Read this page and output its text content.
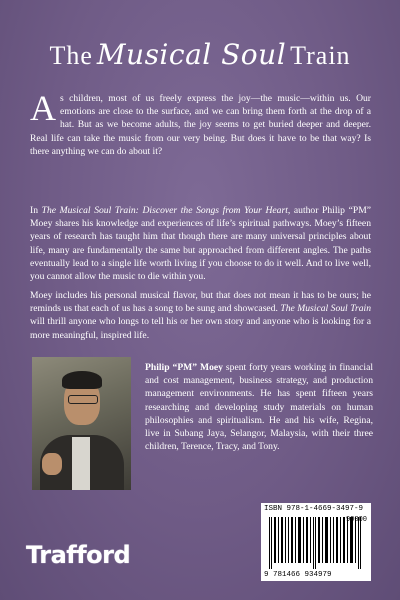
The Musical Soul Train
As children, most of us freely express the joy—the music—within us. Our emotions are close to the surface, and we can bring them forth at the drop of a hat. But as we become adults, the joy seems to get buried deeper and deeper. Real life can take the music from our very being. But does it have to be that way? Is there anything we can do about it?
In The Musical Soul Train: Discover the Songs from Your Heart, author Philip “PM” Moey shares his knowledge and experiences of life’s spiritual pathways. Moey’s fifteen years of research has taught him that though there are many universal principles about life, many are fundamentally the same but approached from different angles. The paths eventually lead to a single life worth living if you choose to do it well. And to live well, you cannot allow the music to die within you.
Moey includes his personal musical flavor, but that does not mean it has to be ours; he reminds us that each of us has a song to be sung and showcased. The Musical Soul Train will thrill anyone who longs to tell his or her own story and anyone who is looking for a more meaningful, inspired life.
Philip “PM” Moey spent forty years working in financial and cost management, business strategy, and production management environments. He has spent fifteen years researching and developing study materials on human philosophies and spiritualism. He and his wife, Regina, live in Subang Jaya, Selangor, Malaysia, with their three children, Terence, Tracy, and Tony.
ISBN 978-1-4669-3497-9
90000
9 781466 934979
Trafford
